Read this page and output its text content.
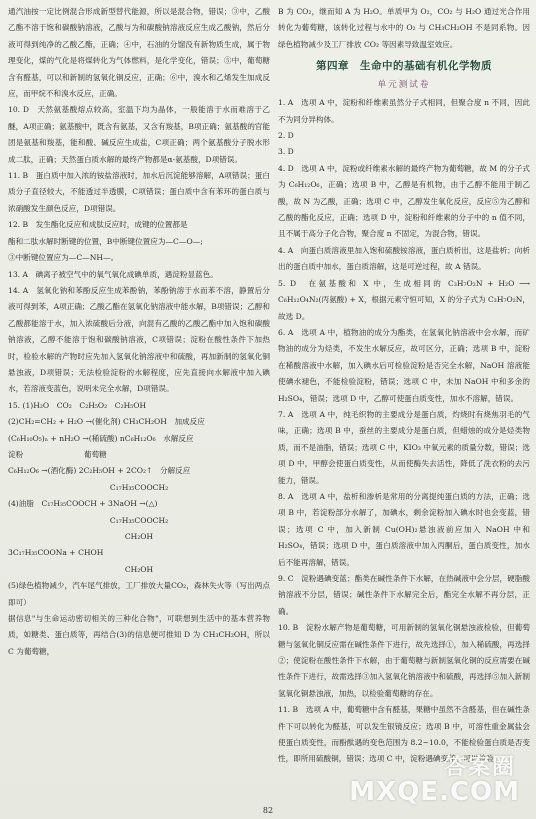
通汽油按一定比例混合形成新型替代能源，所以是混合物，错误；③中，乙酸乙酯不溶于饱和碳酸钠溶液，乙酸与为和碳酸钠溶液反应生成乙酸钠，然后分液可得到纯净的乙酸乙酯，正确；④中，石油的分馏没有新物质生成，属于物理变化，煤的气化是将煤转化为气体燃料，是化学变化，错误；⑤中，葡萄糖含有醛基，可以和新制的氢氧化铜反应，正确；⑥中，溴水和乙烯发生加成反应，而甲烷不和溴水反应，正确。

10. D　天然氨基酸熔点较高，室温下均为晶体，一般能溶于水而难溶于乙醚，A项正确；氨基酸中，既含有氨基，又含有羧基，B项正确；氨基酸的官能团是氨基和羧基，能和酸、碱反应生成盐，C项正确；两个氨基酸分子脱水形成二肽，正确；天然蛋白质水解的最终产物都是α-氨基酸，D项错误。

11. B　蛋白质中加入浓的铵盐溶液时，加水后沉淀能够溶解，A项错误；蛋白质分子直径较大，不能透过半透膜，C项错误；蛋白质中含有苯环的蛋白质与浓硝酸发生颜色反应，D项错误。

12. B　发生酯化反应和成肽反应时，成键的位置都是

酯和二肽水解时断键的位置，B中断键位置应为—C—O—;

③中断键位置应为—C—NH—。

13. A　碘离子被空气中的氧气氧化成碘单质，遇淀粉显蓝色。

14. A　氢氧化钠和苯酚反应生成苯酚钠，苯酚钠溶于水而苯不溶，静置后分液可得到苯，A项正确；乙酸乙酯在氢氧化钠溶液中能水解，B项错误；乙醇和乙酸都能溶于水，加入浓硫酸后分液，向混有乙酸的乙酸乙酯中加入饱和碳酸钠溶液，乙醇不能溶于饱和碳酸钠溶液，C项错误；淀粉在酸性条件下加热时，检验水解的产物时应先加入氢氧化钠溶液中和硫酸，再加新制的氢氧化铜悬浊液，D项错误；无法检验淀粉的水解程度，应先直接向水解液中加入碘水，若溶液变蓝色，说明未完全水解，D项错误。

15. (1)H₂O　CO₂　C₂H₅O₂　C₂H₅OH

(2)CH₂=CH₂ + H₂O →(催化剂) CH₃CH₂OH　加成反应

(C₆H₁₀O₅)ₙ + nH₂O →(稀硫酸) nC₆H₁₂O₆　水解反应

淀粉　　　　　　　　葡萄糖

C₆H₁₂O₆ →(酒化酶) 2C₂H₅OH + 2CO₂↑　分解反应

C₁₇H₃₅COOCH₂

(4)油脂　C₁₇H₃₅COOCH + 3NaOH →(△)

C₁₇H₃₅COOCH₂

CH₂OH

3C₁₇H₃₅COONa + CHOH

CH₂OH

(5)绿色植物减少，汽车尾气排放，工厂排放大量CO₂，森林失火等（写出两点即可）

据信息"与生命运动密切相关的三种化合物"，可联想到生活中的基本营养物质，如糖类、蛋白质等，再结合(3)的信息便可推知 D 为 CH₃CH₂OH，所以 C 为葡萄糖，

B 为 CO₂，继而知 A 为 H₂O。单质甲为 O₂，CO₂ 与 H₂O 通过光合作用转化为葡萄糖，该转化过程与水中的 O₂ 与 CH₃CH₂OH 不是同系物。因绿色植物减少及工厂排放 CO₂ 等因素导致温室效应。

第四章　生命中的基础有机化学物质
单元测试卷

1. A　选项 A 中，淀粉和纤维素虽然分子式相同，但聚合度 n 不同，因此不为同分异构体。

2. D

3. D

4. D　选项 A 中，淀粉或纤维素水解的最终产物为葡萄糖，故 M 的分子式为 C₆H₁₂O₆，正确；选项 B 中，乙醇是有机物，由于乙醇不能用于制乙酸，故 N 为乙酸，正确；选项 C 中，乙醇发生氧化反应，反应⑤为乙醇和乙酸的酯化反应，正确；选项 D 中，淀粉和纤维素的分子中的 n 值不同，且不属于高分子化合物，聚合度 n 不固定，为混合物，错误。

4. A　向蛋白质溶液里加入饱和硫酸铵溶液，蛋白质析出，这是盐析；向析出的蛋白质中加水，蛋白质溶解，这是可逆过程，故 A 错误。

5. D　在氨基酸和 X 中，生成相同的 C₃H₇O₂N + H₂O ⟶ C₆H₁₂O₄N₂(丙氨酸) + X，根据元素守恒可知，X 的分子式为 C₃H₇O₂N，故选 D。

6. A　选项 A 中，植物油的成分为酯类，在氢氧化钠溶液中会水解，而矿物油的成分为烃类，不发生水解反应，故可区分，正确；选项 B 中，淀粉在稀酸溶液中水解，加入碘水后可检验淀粉是否完全水解，NaOH 溶液能使碘水褪色，不能检验淀粉，错误；选项 C 中，未加 NaOH 中和多余的 H₂SO₄，错误；选项 D 中，乙醇可使蛋白质变性，加水不溶解，错误。

7. A　选项 A 中，纯毛织物的主要成分是蛋白质，灼烧时有烧焦羽毛的气味，正确；选项 B 中，蚕丝的主要成分是蛋白质，但蜡烛的成分是烃类物质，而不是油脂，错误；选项 C 中，KIO₃ 中氧元素的质量分数，错误；选项 D 中，甲醇会使蛋白质变性，从而使酶失去活性，降低了洗衣粉的去污能力，错误。

8. A　选项 A 中，盐析和渗析是常用的分离提纯蛋白质的方法，正确；选项 B 中，若淀粉部分水解了，加碘水，剩余淀粉加入碘水时也会变蓝，错误；选项 C 中，加入新制 Cu(OH)₂悬浊液前应加入 NaOH 中和 H₂SO₄，错误；选项 D 中，蛋白质溶液中加入丙酮后，蛋白质变性，加水后不能再溶解，错误。

9. C　淀粉遇碘变蓝；酯类在碱性条件下水解，在热碱液中会分层，硬脂酸钠溶液不分层，错误；碱性条件下水解完全后，酯完全水解不再分层，正确。

10. B　淀粉水解产物是葡萄糖，可用新制的氢氧化铜悬浊液检验，但葡萄糖与氢氧化铜反应需在碱性条件下进行，故先选择①，加入稀硫酸，再选择②；使淀粉在酸性条件下水解，由于葡萄糖与新制氢氧化铜的反应需要在碱性条件下进行，故需选择③加入氢氧化钠溶液中和硫酸，再选择⑤加入新制氢氧化铜悬浊液，加热，以检验葡萄糖的存在。

11. B　选项 A 中，葡萄糖中含有醛基，果糖中虽然不含醛基，但在碱性条件下可以转化为醛基，可以发生银镜反应；选项 B 中，可溶性重金属盐会使蛋白质变性，而酚酞遇的变色范围为 8.2~10.0，不能检验蛋白质是否变性，即所用硫酸铜，错误；选项 C 中，淀粉遇碘变蓝，可以检验

82
答案圈
MXQE.COM
